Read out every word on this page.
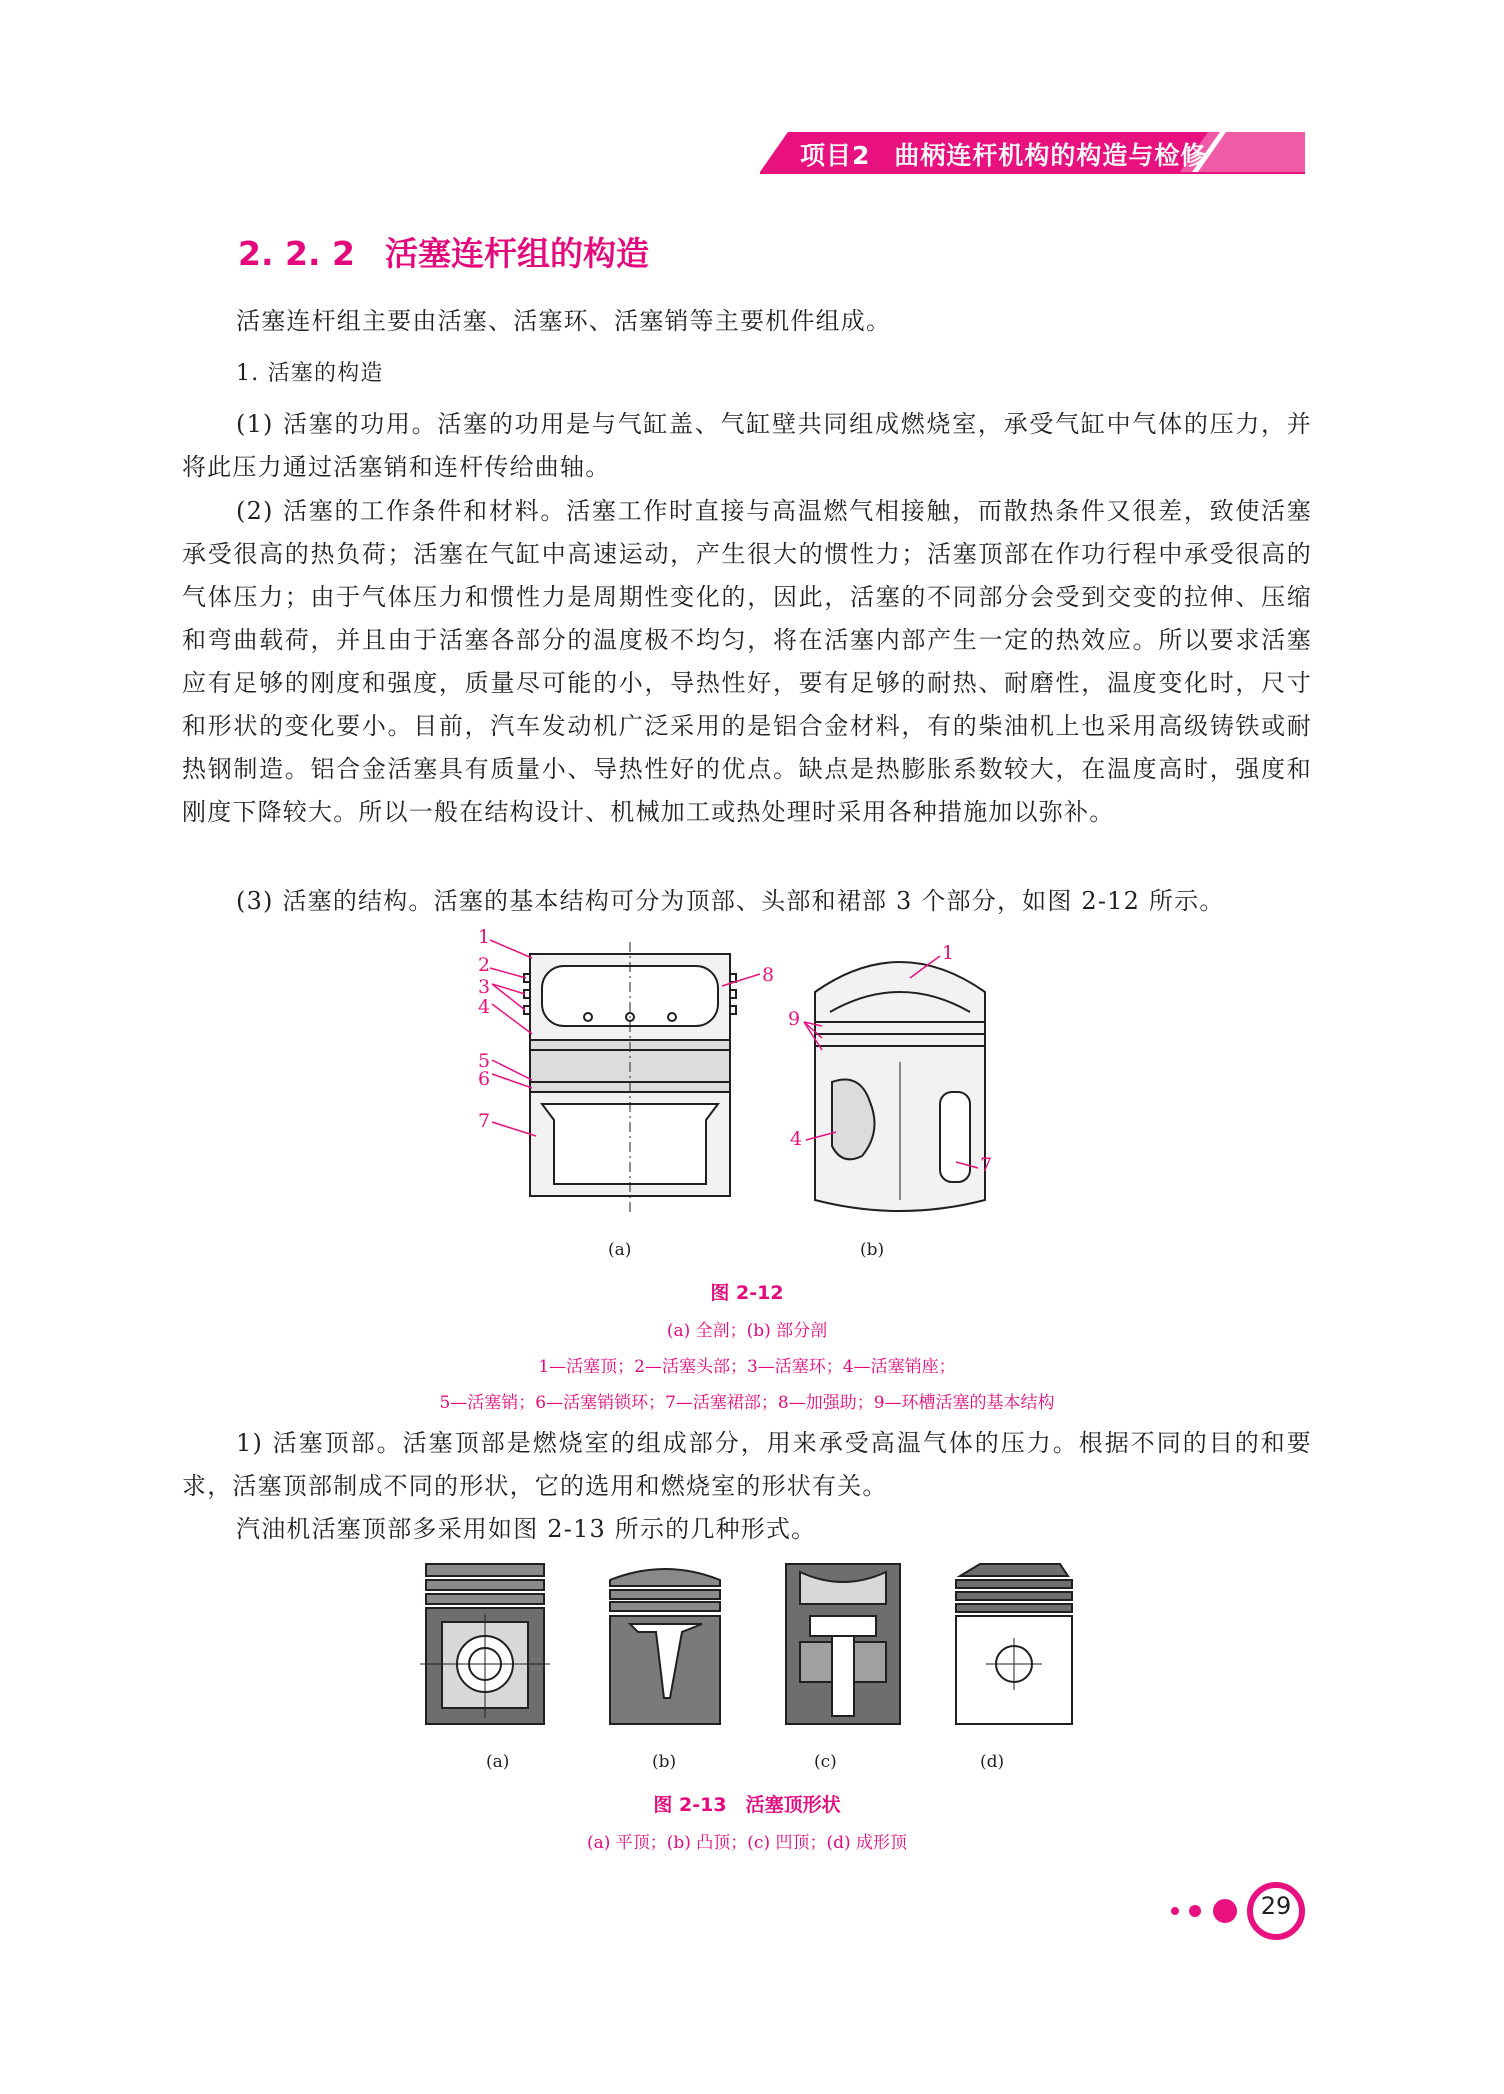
项目2 曲柄连杆机构的构造与检修
2. 2. 2 活塞连杆组的构造

活塞连杆组主要由活塞、活塞环、活塞销等主要机件组成。

1. 活塞的构造

(1) 活塞的功用。活塞的功用是与气缸盖、气缸壁共同组成燃烧室，承受气缸中气体的压力，并将此压力通过活塞销和连杆传给曲轴。

(2) 活塞的工作条件和材料。活塞工作时直接与高温燃气相接触，而散热条件又很差，致使活塞承受很高的热负荷；活塞在气缸中高速运动，产生很大的惯性力；活塞顶部在作功行程中承受很高的气体压力；由于气体压力和惯性力是周期性变化的，因此，活塞的不同部分会受到交变的拉伸、压缩和弯曲载荷，并且由于活塞各部分的温度极不均匀，将在活塞内部产生一定的热效应。所以要求活塞应有足够的刚度和强度，质量尽可能的小，导热性好，要有足够的耐热、耐磨性，温度变化时，尺寸和形状的变化要小。目前，汽车发动机广泛采用的是铝合金材料，有的柴油机上也采用高级铸铁或耐热钢制造。铝合金活塞具有质量小、导热性好的优点。缺点是热膨胀系数较大，在温度高时，强度和刚度下降较大。所以一般在结构设计、机械加工或热处理时采用各种措施加以弥补。

(3) 活塞的结构。活塞的基本结构可分为顶部、头部和裙部 3 个部分，如图 2-12 所示。

1
2
3
4
5
6
7
8
1
9
4
7
(a)	(b)
图 2-12
(a) 全剖；(b) 部分剖
1—活塞顶；2—活塞头部；3—活塞环；4—活塞销座；
5—活塞销；6—活塞销锁环；7—活塞裙部；8—加强助；9—环槽活塞的基本结构

1) 活塞顶部。活塞顶部是燃烧室的组成部分，用来承受高温气体的压力。根据不同的目的和要求，活塞顶部制成不同的形状，它的选用和燃烧室的形状有关。

汽油机活塞顶部多采用如图 2-13 所示的几种形式。

(a)	(b)	(c)	(d)
图 2-13　活塞顶形状
(a) 平顶；(b) 凸顶；(c) 凹顶；(d) 成形顶
29
